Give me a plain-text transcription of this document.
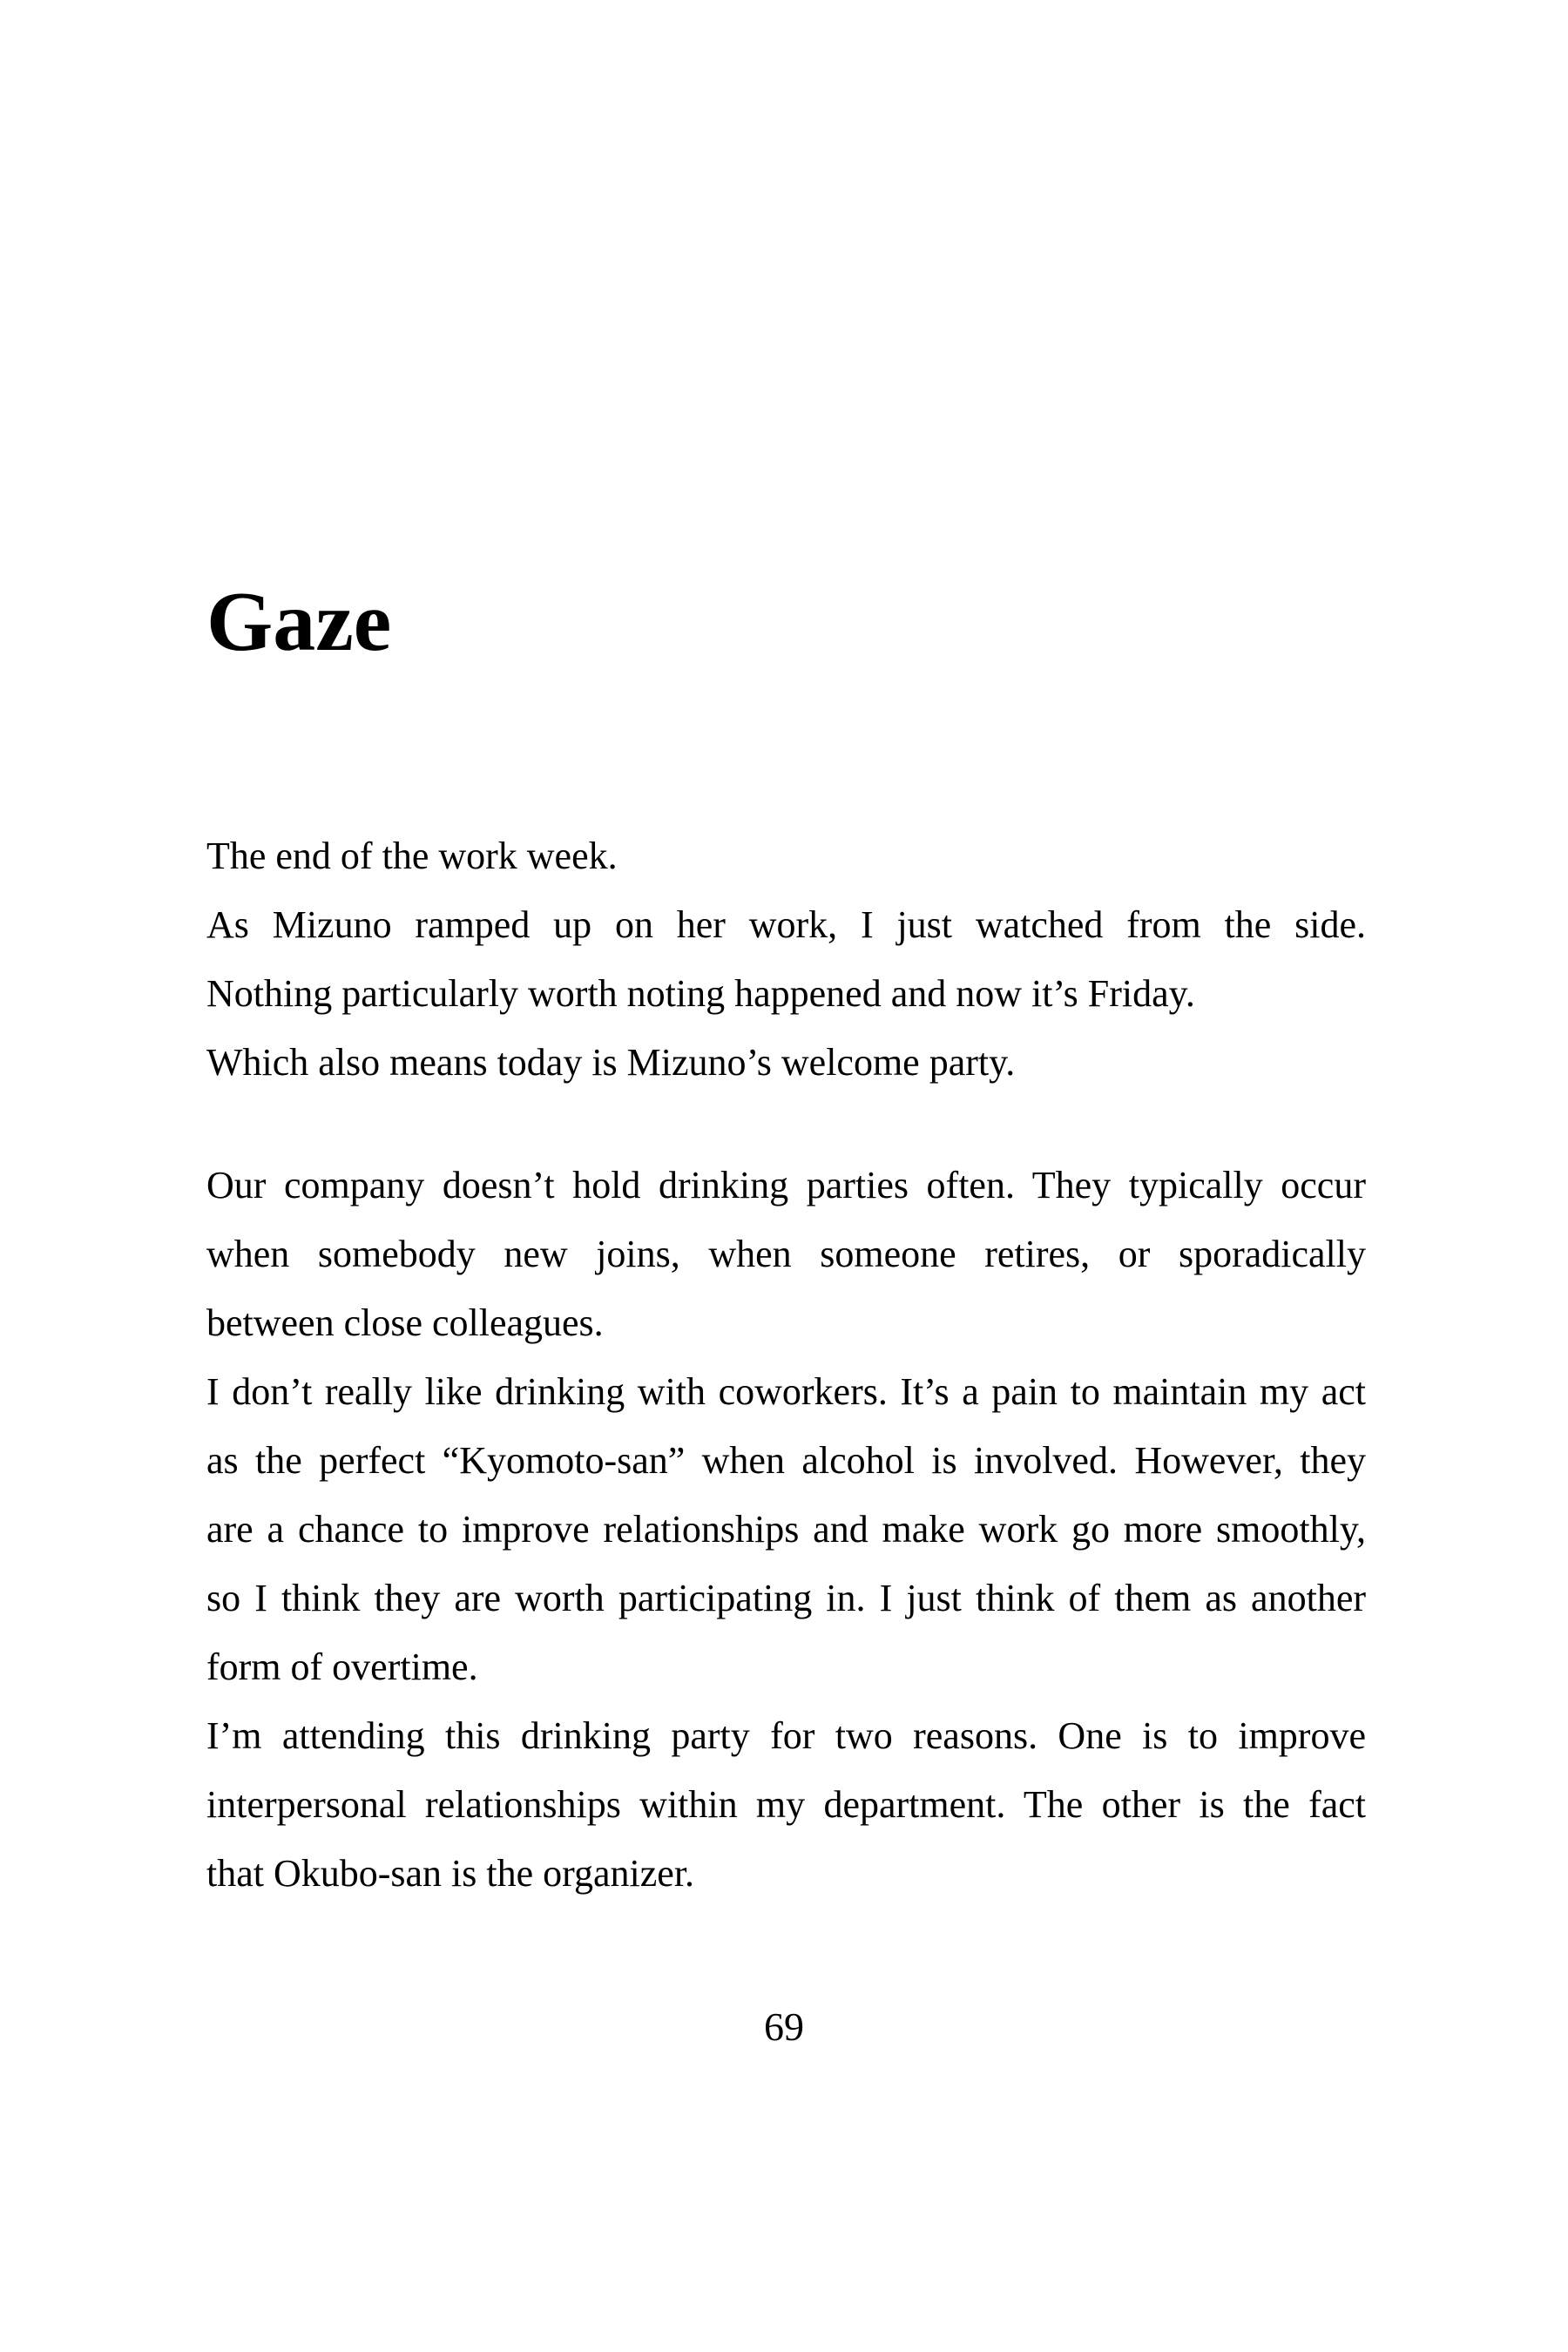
Gaze
The end of the work week.
As Mizuno ramped up on her work, I just watched from the side.
Nothing particularly worth noting happened and now it’s Friday.
Which also means today is Mizuno’s welcome party.
Our company doesn’t hold drinking parties often. They typically occur
when somebody new joins, when someone retires, or sporadically
between close colleagues.
I don’t really like drinking with coworkers. It’s a pain to maintain my act
as the perfect “Kyomoto-san” when alcohol is involved. However, they
are a chance to improve relationships and make work go more smoothly,
so I think they are worth participating in. I just think of them as another
form of overtime.
I’m attending this drinking party for two reasons. One is to improve
interpersonal relationships within my department. The other is the fact
that Okubo-san is the organizer.
69
